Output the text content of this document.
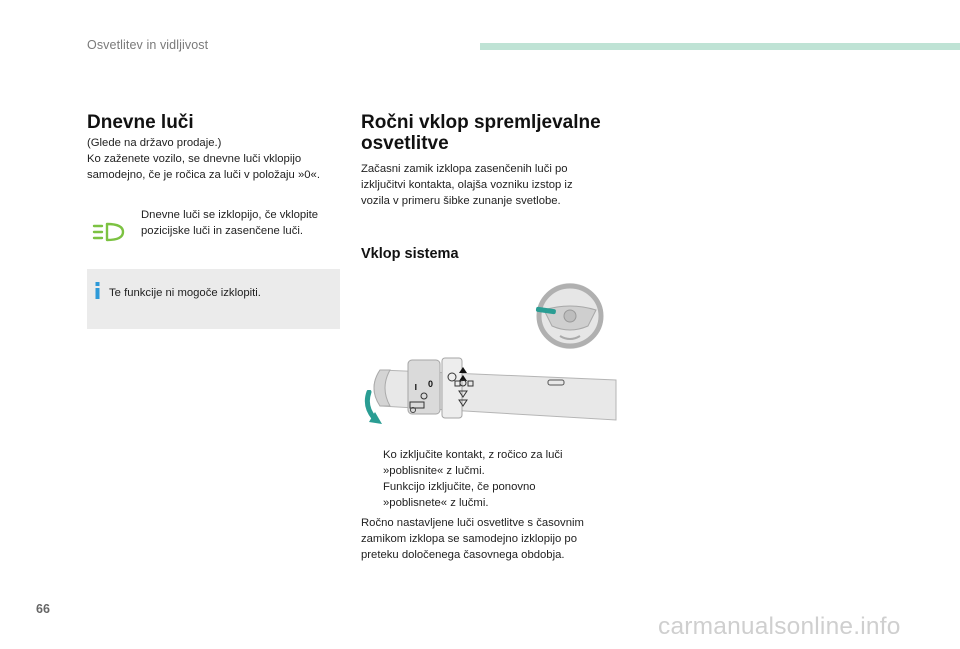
Osvetlitev in vidljivost
Dnevne luči
(Glede na državo prodaje.)
Ko zaženete vozilo, se dnevne luči vklopijo
samodejno, če je ročica za luči v položaju »0«.
Dnevne luči se izklopijo, če vklopite
pozicijske luči in zasenčene luči.
Te funkcije ni mogoče izklopiti.
Ročni vklop spremljevalne
osvetlitve
Začasni zamik izklopa zasenčenih luči po
izključitvi kontakta, olajša vozniku izstop iz
vozila v primeru šibke zunanje svetlobe.
Vklop sistema
0
Ko izključite kontakt, z ročico za luči
»poblisnite« z lučmi.
Funkcijo izključite, če ponovno
»poblisnete« z lučmi.
Ročno nastavljene luči osvetlitve s časovnim
zamikom izklopa se samodejno izklopijo po
preteku določenega časovnega obdobja.
66
carmanualsonline.info
